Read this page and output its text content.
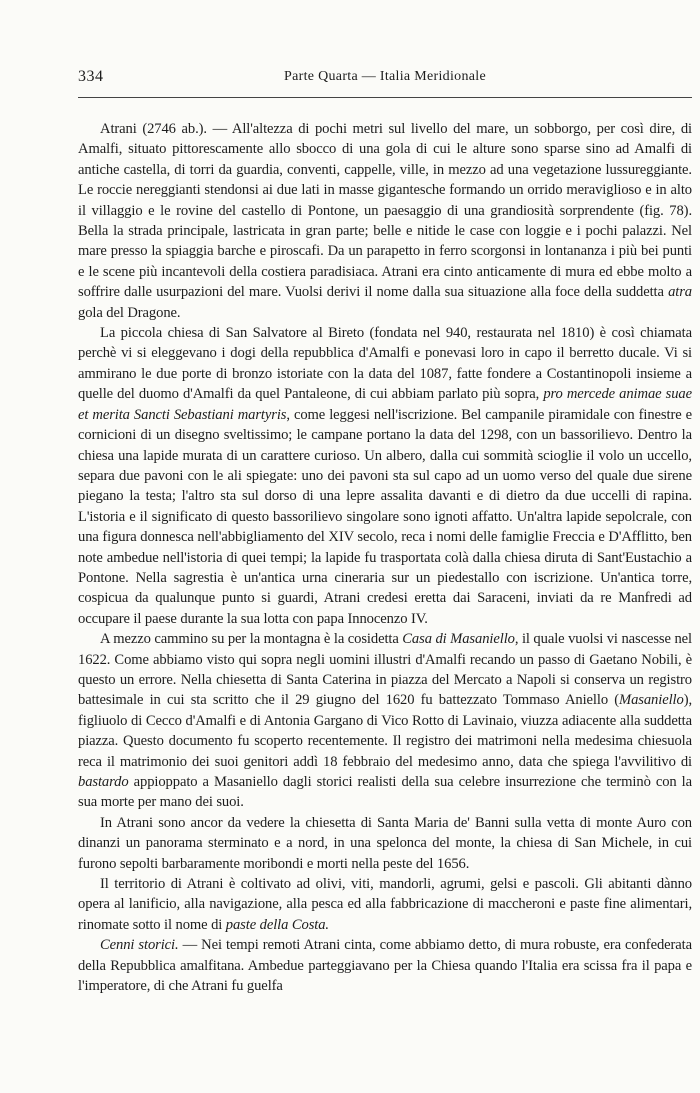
334	Parte Quarta — Italia Meridionale

Atrani (2746 ab.). — All'altezza di pochi metri sul livello del mare, un sobborgo, per così dire, di Amalfi, situato pittorescamente allo sbocco di una gola di cui le alture sono sparse sino ad Amalfi di antiche castella, di torri da guardia, conventi, cappelle, ville, in mezzo ad una vegetazione lussureggiante. Le roccie nereggianti stendonsi ai due lati in masse gigantesche formando un orrido meraviglioso e in alto il villaggio e le rovine del castello di Pontone, un paesaggio di una grandiosità sorprendente (fig. 78). Bella la strada principale, lastricata in gran parte; belle e nitide le case con loggie e i pochi palazzi. Nel mare presso la spiaggia barche e piroscafi. Da un parapetto in ferro scorgonsi in lontananza i più bei punti e le scene più incantevoli della costiera paradisiaca. Atrani era cinto anticamente di mura ed ebbe molto a soffrire dalle usurpazioni del mare. Vuolsi derivi il nome dalla sua situazione alla foce della suddetta atra gola del Dragone.

La piccola chiesa di San Salvatore al Bireto (fondata nel 940, restaurata nel 1810) è così chiamata perchè vi si eleggevano i dogi della repubblica d'Amalfi e ponevasi loro in capo il berretto ducale. Vi si ammirano le due porte di bronzo istoriate con la data del 1087, fatte fondere a Costantinopoli insieme a quelle del duomo d'Amalfi da quel Pantaleone, di cui abbiam parlato più sopra, pro mercede animae suae et merita Sancti Sebastiani martyris, come leggesi nell'iscrizione. Bel campanile piramidale con finestre e cornicioni di un disegno sveltissimo; le campane portano la data del 1298, con un bassorilievo. Dentro la chiesa una lapide murata di un carattere curioso. Un albero, dalla cui sommità scioglie il volo un uccello, separa due pavoni con le ali spiegate: uno dei pavoni sta sul capo ad un uomo verso del quale due sirene piegano la testa; l'altro sta sul dorso di una lepre assalita davanti e di dietro da due uccelli di rapina. L'istoria e il significato di questo bassorilievo singolare sono ignoti affatto. Un'altra lapide sepolcrale, con una figura donnesca nell'abbigliamento del XIV secolo, reca i nomi delle famiglie Freccia e D'Afflitto, ben note ambedue nell'istoria di quei tempi; la lapide fu trasportata colà dalla chiesa diruta di Sant'Eustachio a Pontone. Nella sagrestia è un'antica urna cineraria sur un piedestallo con iscrizione. Un'antica torre, cospicua da qualunque punto si guardi, Atrani credesi eretta dai Saraceni, inviati da re Manfredi ad occupare il paese durante la sua lotta con papa Innocenzo IV.

A mezzo cammino su per la montagna è la cosidetta Casa di Masaniello, il quale vuolsi vi nascesse nel 1622. Come abbiamo visto qui sopra negli uomini illustri d'Amalfi recando un passo di Gaetano Nobili, è questo un errore. Nella chiesetta di Santa Caterina in piazza del Mercato a Napoli si conserva un registro battesimale in cui sta scritto che il 29 giugno del 1620 fu battezzato Tommaso Aniello (Masaniello), figliuolo di Cecco d'Amalfi e di Antonia Gargano di Vico Rotto di Lavinaio, viuzza adiacente alla suddetta piazza. Questo documento fu scoperto recentemente. Il registro dei matrimoni nella medesima chiesuola reca il matrimonio dei suoi genitori addì 18 febbraio del medesimo anno, data che spiega l'avvilitivo di bastardo appioppato a Masaniello dagli storici realisti della sua celebre insurrezione che terminò con la sua morte per mano dei suoi.

In Atrani sono ancor da vedere la chiesetta di Santa Maria de' Banni sulla vetta di monte Auro con dinanzi un panorama sterminato e a nord, in una spelonca del monte, la chiesa di San Michele, in cui furono sepolti barbaramente moribondi e morti nella peste del 1656.

Il territorio di Atrani è coltivato ad olivi, viti, mandorli, agrumi, gelsi e pascoli. Gli abitanti dànno opera al lanificio, alla navigazione, alla pesca ed alla fabbricazione di maccheroni e paste fine alimentari, rinomate sotto il nome di paste della Costa.

Cenni storici. — Nei tempi remoti Atrani cinta, come abbiamo detto, di mura robuste, era confederata della Repubblica amalfitana. Ambedue parteggiavano per la Chiesa quando l'Italia era scissa fra il papa e l'imperatore, di che Atrani fu guelfa
